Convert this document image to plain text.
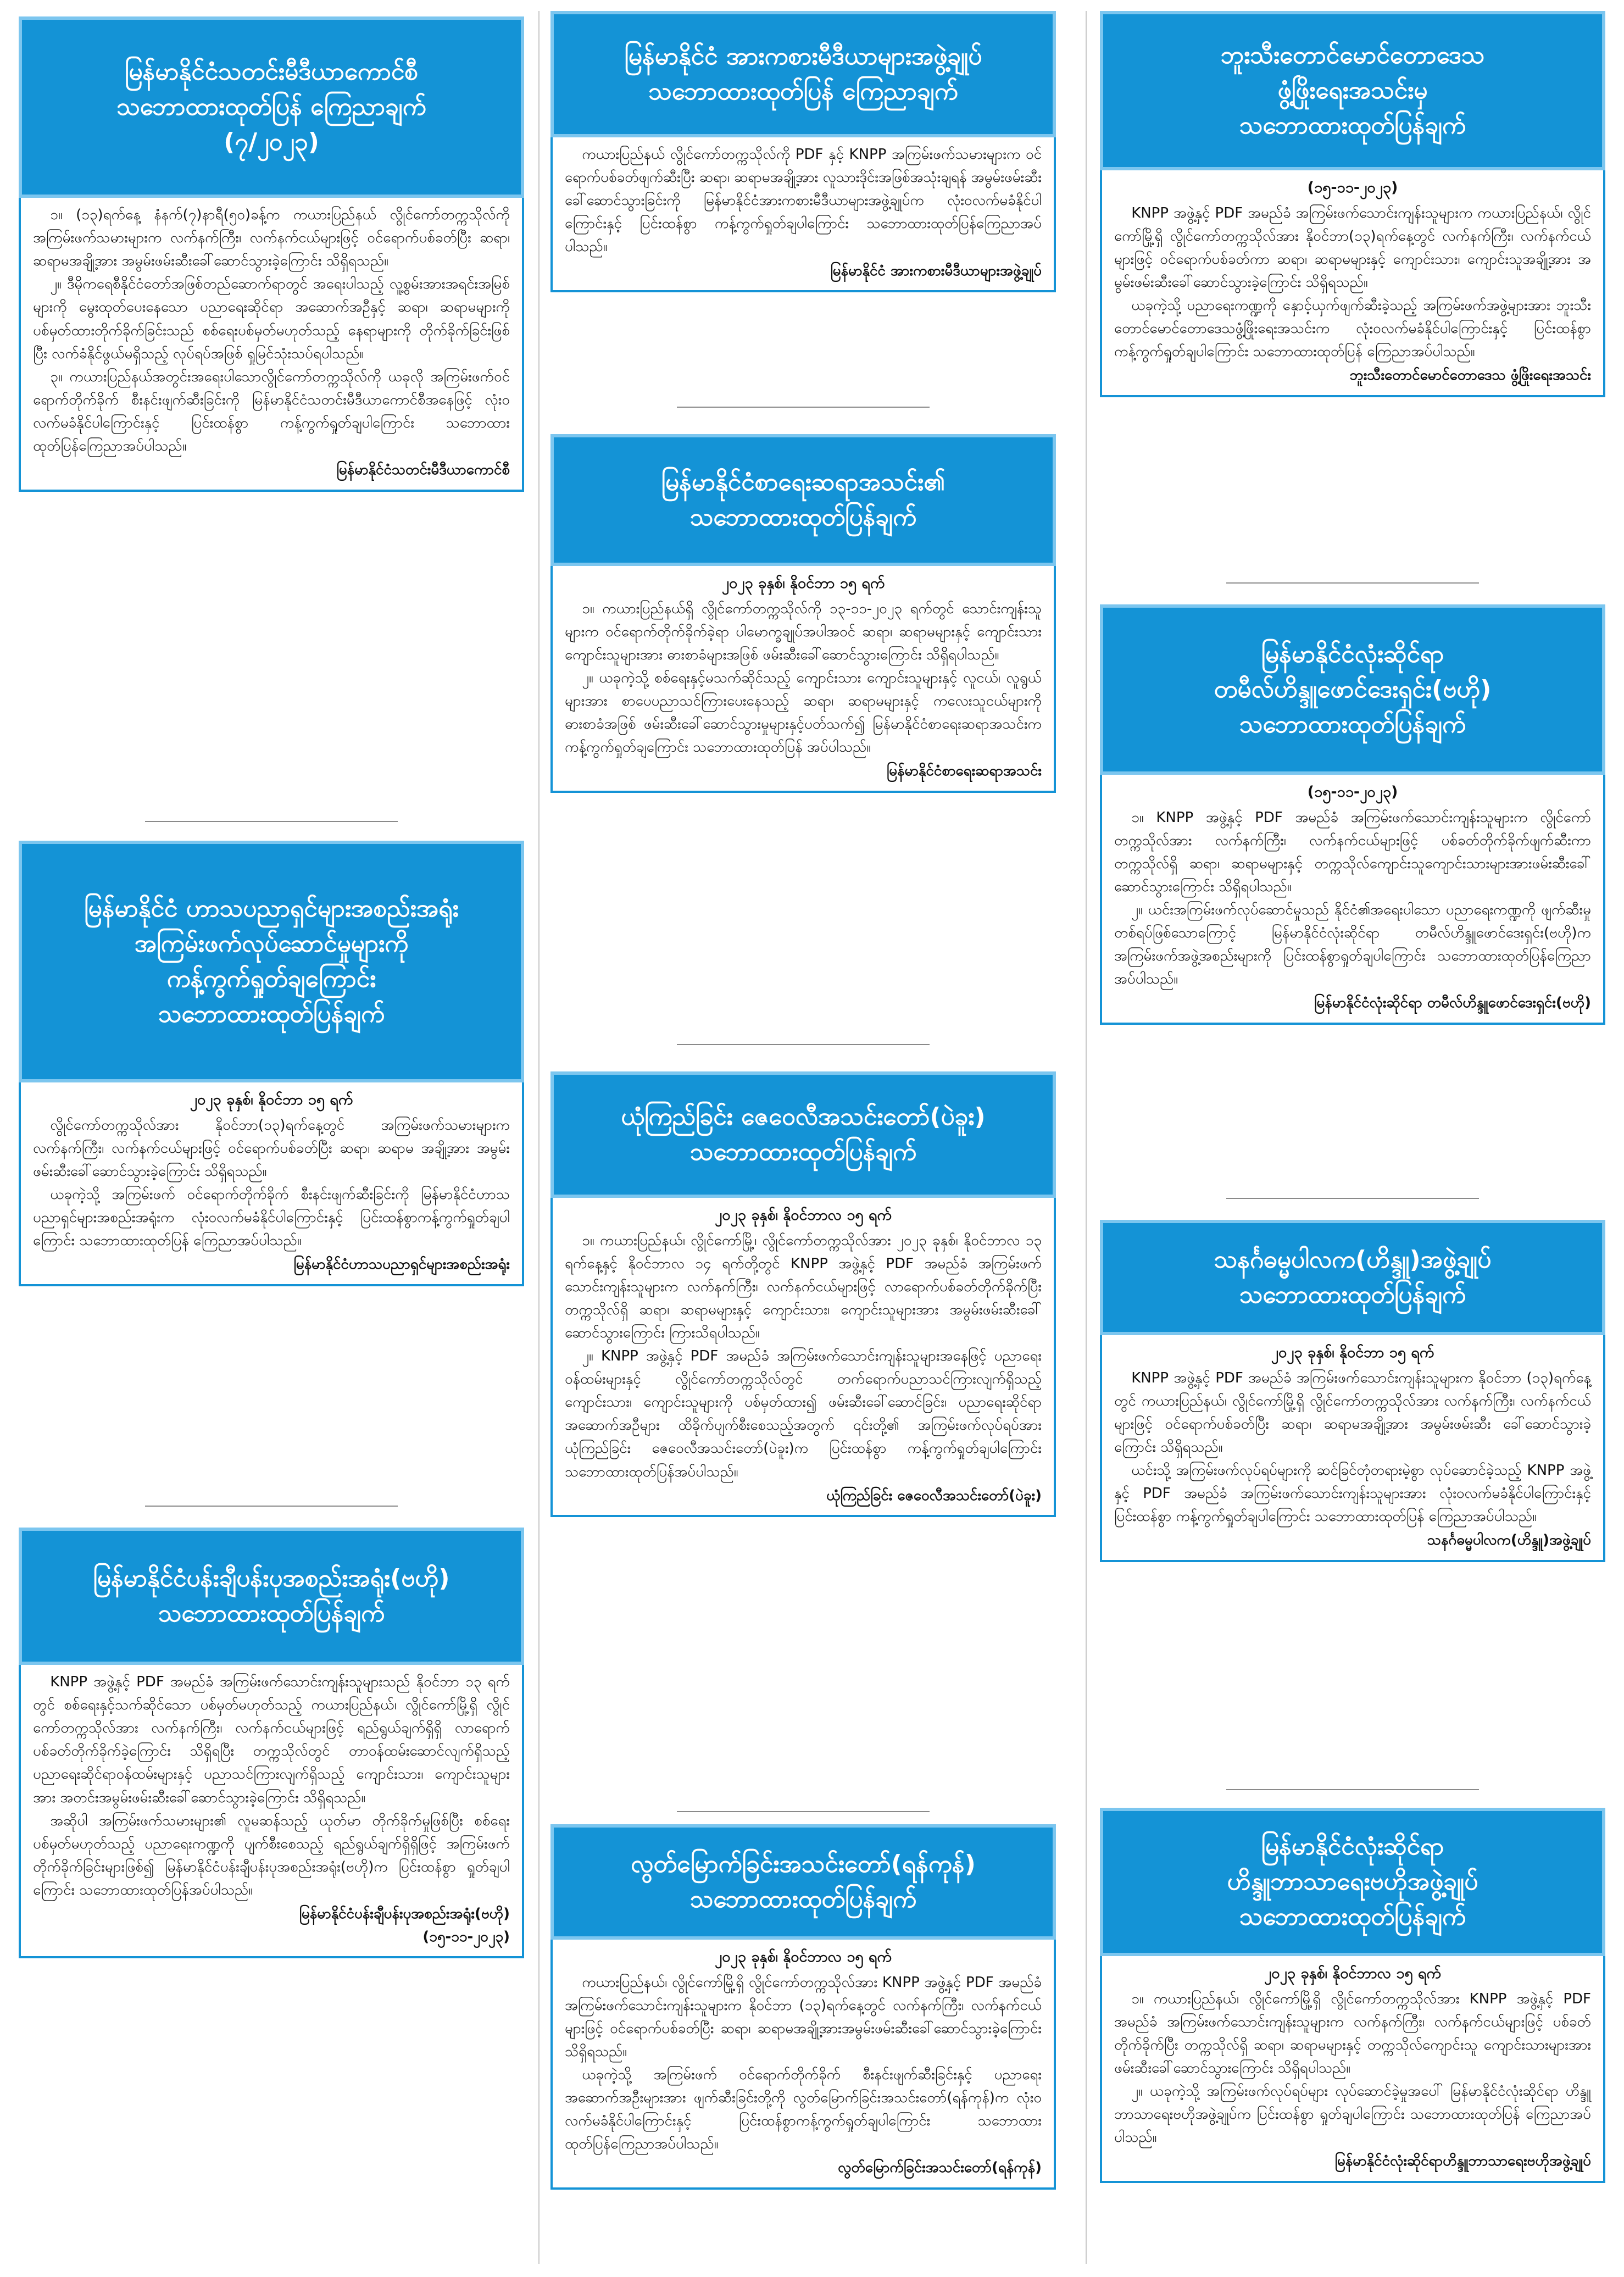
မြန်မာနိုင်ငံသတင်းမီဒီယာကောင်စီ
သဘောထားထုတ်ပြန် ကြေညာချက်
(၇/၂၀၂၃)

၁။ (၁၃)ရက်နေ့ နံနက်(၇)နာရီ(၅၀)ခန့်က ကယားပြည်နယ် လွိုင်ကော်တက္ကသိုလ်ကို အကြမ်းဖက်သမားများက လက်နက်ကြီး၊ လက်နက်ငယ်များဖြင့် ဝင်ရောက်ပစ်ခတ်ပြီး ဆရာ၊ ဆရာမအချို့အား အမွမ်းဖမ်းဆီးခေါ်ဆောင်သွားခဲ့ကြောင်း သိရှိရသည်။

၂။ ဒီမိုကရေစီနိုင်ငံတော်အဖြစ်တည်ဆောက်ရာတွင် အရေးပါသည့် လူ့စွမ်းအားအရင်းအမြစ်များကို မွေးထုတ်ပေးနေသော ပညာရေးဆိုင်ရာ အဆောက်အဦနှင့် ဆရာ၊ ဆရာမများကို ပစ်မှတ်ထားတိုက်ခိုက်ခြင်းသည် စစ်ရေးပစ်မှတ်မဟုတ်သည့် နေရာများကို တိုက်ခိုက်ခြင်းဖြစ်ပြီး လက်ခံနိုင်ဖွယ်မရှိသည့် လုပ်ရပ်အဖြစ် ရှုမြင်သုံးသပ်ရပါသည်။

၃။ ကယားပြည်နယ်အတွင်းအရေးပါသောလွိုင်ကော်တက္ကသိုလ်ကို ယခုလို အကြမ်းဖက်ဝင်ရောက်တိုက်ခိုက် စီးနင်းဖျက်ဆီးခြင်းကို မြန်မာနိုင်ငံသတင်းမီဒီယာကောင်စီအနေဖြင့် လုံးဝလက်မခံနိုင်ပါကြောင်းနှင့် ပြင်းထန်စွာ ကန့်ကွက်ရှုတ်ချပါကြောင်း သဘောထားထုတ်ပြန်ကြေညာအပ်ပါသည်။

မြန်မာနိုင်ငံသတင်းမီဒီယာကောင်စီ
မြန်မာနိုင်ငံ ဟာသပညာရှင်များအစည်းအရုံး
အကြမ်းဖက်လုပ်ဆောင်မှုများကို
ကန့်ကွက်ရှုတ်ချကြောင်း
သဘောထားထုတ်ပြန်ချက်
၂၀၂၃ ခုနှစ်၊ နိုဝင်ဘာ ၁၅ ရက်

လွိုင်ကော်တက္ကသိုလ်အား နိုဝင်ဘာ(၁၃)ရက်နေ့တွင် အကြမ်းဖက်သမားများက လက်နက်ကြီး၊ လက်နက်ငယ်များဖြင့် ဝင်ရောက်ပစ်ခတ်ပြီး ဆရာ၊ ဆရာမ အချို့အား အမွမ်းဖမ်းဆီးခေါ်ဆောင်သွားခဲ့ကြောင်း သိရှိရသည်။

ယခုကဲ့သို့ အကြမ်းဖက် ဝင်ရောက်တိုက်ခိုက် စီးနင်းဖျက်ဆီးခြင်းကို မြန်မာနိုင်ငံဟာသပညာရှင်များအစည်းအရုံးက လုံးဝလက်မခံနိုင်ပါကြောင်းနှင့် ပြင်းထန်စွာကန့်ကွက်ရှုတ်ချပါကြောင်း သဘောထားထုတ်ပြန် ကြေညာအပ်ပါသည်။

မြန်မာနိုင်ငံဟာသပညာရှင်များအစည်းအရုံး
မြန်မာနိုင်ငံပန်းချီပန်းပုအစည်းအရုံး(ဗဟို)
သဘောထားထုတ်ပြန်ချက်

KNPP အဖွဲ့နှင့် PDF အမည်ခံ အကြမ်းဖက်သောင်းကျန်းသူများသည် နိုဝင်ဘာ ၁၃ ရက်တွင် စစ်ရေးနှင့်သက်ဆိုင်သော ပစ်မှတ်မဟုတ်သည့် ကယားပြည်နယ်၊ လွိုင်ကော်မြို့ရှိ လွိုင်ကော်တက္ကသိုလ်အား လက်နက်ကြီး၊ လက်နက်ငယ်များဖြင့် ရည်ရွယ်ချက်ရှိရှိ လာရောက်ပစ်ခတ်တိုက်ခိုက်ခဲ့ကြောင်း သိရှိရပြီး တက္ကသိုလ်တွင် တာဝန်ထမ်းဆောင်လျက်ရှိသည့် ပညာရေးဆိုင်ရာဝန်ထမ်းများနှင့် ပညာသင်ကြားလျက်ရှိသည့် ကျောင်းသား၊ ကျောင်းသူများအား အတင်းအမွမ်းဖမ်းဆီးခေါ်ဆောင်သွားခဲ့ကြောင်း သိရှိရသည်။

အဆိုပါ အကြမ်းဖက်သမားများ၏ လူမဆန်သည့် ယုတ်မာ တိုက်ခိုက်မှုဖြစ်ပြီး စစ်ရေးပစ်မှတ်မဟုတ်သည့် ပညာရေးကဏ္ဍကို ပျက်စီးစေသည့် ရည်ရွယ်ချက်ရှိရှိဖြင့် အကြမ်းဖက်တိုက်ခိုက်ခြင်းများဖြစ်၍ မြန်မာနိုင်ငံပန်းချီပန်းပုအစည်းအရုံး(ဗဟို)က ပြင်းထန်စွာ ရှုတ်ချပါကြောင်း သဘောထားထုတ်ပြန်အပ်ပါသည်။

မြန်မာနိုင်ငံပန်းချီပန်းပုအစည်းအရုံး(ဗဟို)
(၁၅-၁၁-၂၀၂၃)
မြန်မာနိုင်ငံ အားကစားမီဒီယာများအဖွဲ့ချုပ်
သဘောထားထုတ်ပြန် ကြေညာချက်

ကယားပြည်နယ် လွိုင်ကော်တက္ကသိုလ်ကို PDF နှင့် KNPP အကြမ်းဖက်သမားများက ဝင်ရောက်ပစ်ခတ်ဖျက်ဆီးပြီး ဆရာ၊ ဆရာမအချို့အား လူသားဒိုင်းအဖြစ်အသုံးချရန် အမွမ်းဖမ်းဆီးခေါ်ဆောင်သွားခြင်းကို မြန်မာနိုင်ငံအားကစားမီဒီယာများအဖွဲ့ချုပ်က လုံးဝလက်မခံနိုင်ပါကြောင်းနှင့် ပြင်းထန်စွာ ကန့်ကွက်ရှုတ်ချပါကြောင်း သဘောထားထုတ်ပြန်ကြေညာအပ်ပါသည်။

မြန်မာနိုင်ငံ အားကစားမီဒီယာများအဖွဲ့ချုပ်
မြန်မာနိုင်ငံစာရေးဆရာအသင်း၏
သဘောထားထုတ်ပြန်ချက်
၂၀၂၃ ခုနှစ်၊ နိုဝင်ဘာ ၁၅ ရက်

၁။ ကယားပြည်နယ်ရှိ လွိုင်ကော်တက္ကသိုလ်ကို ၁၃-၁၁-၂၀၂၃ ရက်တွင် သောင်းကျန်းသူများက ဝင်ရောက်တိုက်ခိုက်ခဲ့ရာ ပါမောက္ခချုပ်အပါအဝင် ဆရာ၊ ဆရာမများနှင့် ကျောင်းသား ကျောင်းသူများအား ဓားစာခံများအဖြစ် ဖမ်းဆီးခေါ်ဆောင်သွားကြောင်း သိရှိရပါသည်။

၂။ ယခုကဲ့သို့ စစ်ရေးနှင့်မသက်ဆိုင်သည့် ကျောင်းသား ကျောင်းသူများနှင့် လူငယ်၊ လူရွယ်များအား စာပေပညာသင်ကြားပေးနေသည့် ဆရာ၊ ဆရာမများနှင့် ကလေးသူငယ်များကို ဓားစာခံအဖြစ် ဖမ်းဆီးခေါ်ဆောင်သွားမှုများနှင့်ပတ်သက်၍ မြန်မာနိုင်ငံစာရေးဆရာအသင်းက ကန့်ကွက်ရှုတ်ချကြောင်း သဘောထားထုတ်ပြန် အပ်ပါသည်။

မြန်မာနိုင်ငံစာရေးဆရာအသင်း
ယုံကြည်ခြင်း ဇေဝေလီအသင်းတော်(ပဲခူး)
သဘောထားထုတ်ပြန်ချက်
၂၀၂၃ ခုနှစ်၊ နိုဝင်ဘာလ ၁၅ ရက်

၁။ ကယားပြည်နယ်၊ လွိုင်ကော်မြို့၊ လွိုင်ကော်တက္ကသိုလ်အား ၂၀၂၃ ခုနှစ်၊ နိုဝင်ဘာလ ၁၃ ရက်နေ့နှင့် နိုဝင်ဘာလ ၁၄ ရက်တို့တွင် KNPP အဖွဲ့နှင့် PDF အမည်ခံ အကြမ်းဖက်သောင်းကျန်းသူများက လက်နက်ကြီး၊ လက်နက်ငယ်များဖြင့် လာရောက်ပစ်ခတ်တိုက်ခိုက်ပြီး တက္ကသိုလ်ရှိ ဆရာ၊ ဆရာမများနှင့် ကျောင်းသား၊ ကျောင်းသူများအား အမွမ်းဖမ်းဆီးခေါ်ဆောင်သွားကြောင်း ကြားသိရပါသည်။

၂။ KNPP အဖွဲ့နှင့် PDF အမည်ခံ အကြမ်းဖက်သောင်းကျန်းသူများအနေဖြင့် ပညာရေးဝန်ထမ်းများနှင့် လွိုင်ကော်တက္ကသိုလ်တွင် တက်ရောက်ပညာသင်ကြားလျက်ရှိသည့် ကျောင်းသား၊ ကျောင်းသူများကို ပစ်မှတ်ထား၍ ဖမ်းဆီးခေါ်ဆောင်ခြင်း၊ ပညာရေးဆိုင်ရာ အဆောက်အဦများ ထိခိုက်ပျက်စီးစေသည့်အတွက် ၎င်းတို့၏ အကြမ်းဖက်လုပ်ရပ်အား ယုံကြည်ခြင်း ဇေဝေလီအသင်းတော်(ပဲခူး)က ပြင်းထန်စွာ ကန့်ကွက်ရှုတ်ချပါကြောင်း သဘောထားထုတ်ပြန်အပ်ပါသည်။

ယုံကြည်ခြင်း ဇေဝေလီအသင်းတော်(ပဲခူး)
လွတ်မြောက်ခြင်းအသင်းတော်(ရန်ကုန်)
သဘောထားထုတ်ပြန်ချက်
၂၀၂၃ ခုနှစ်၊ နိုဝင်ဘာလ ၁၅ ရက်

ကယားပြည်နယ်၊ လွိုင်ကော်မြို့ရှိ လွိုင်ကော်တက္ကသိုလ်အား KNPP အဖွဲ့နှင့် PDF အမည်ခံ အကြမ်းဖက်သောင်းကျန်းသူများက နိုဝင်ဘာ (၁၃)ရက်နေ့တွင် လက်နက်ကြီး၊ လက်နက်ငယ်များဖြင့် ဝင်ရောက်ပစ်ခတ်ပြီး ဆရာ၊ ဆရာမအချို့အားအမွမ်းဖမ်းဆီးခေါ်ဆောင်သွားခဲ့ကြောင်း သိရှိရသည်။

ယခုကဲ့သို့ အကြမ်းဖက် ဝင်ရောက်တိုက်ခိုက် စီးနင်းဖျက်ဆီးခြင်းနှင့် ပညာရေးအဆောက်အဦးများအား ဖျက်ဆီးခြင်းတို့ကို လွတ်မြောက်ခြင်းအသင်းတော်(ရန်ကုန်)က လုံးဝလက်မခံနိုင်ပါကြောင်းနှင့် ပြင်းထန်စွာကန့်ကွက်ရှုတ်ချပါကြောင်း သဘောထားထုတ်ပြန်ကြေညာအပ်ပါသည်။

လွတ်မြောက်ခြင်းအသင်းတော်(ရန်ကုန်)
ဘူးသီးတောင်မောင်တောဒေသ
ဖွံ့ဖြိုးရေးအသင်းမှ
သဘောထားထုတ်ပြန်ချက်
(၁၅-၁၁-၂၀၂၃)

KNPP အဖွဲ့နှင့် PDF အမည်ခံ အကြမ်းဖက်သောင်းကျန်းသူများက ကယားပြည်နယ်၊ လွိုင်ကော်မြို့ရှိ လွိုင်ကော်တက္ကသိုလ်အား နိုဝင်ဘာ(၁၃)ရက်နေ့တွင် လက်နက်ကြီး၊ လက်နက်ငယ်များဖြင့် ဝင်ရောက်ပစ်ခတ်ကာ ဆရာ၊ ဆရာမများနှင့် ကျောင်းသား၊ ကျောင်းသူအချို့အား အမွမ်းဖမ်းဆီးခေါ်ဆောင်သွားခဲ့ကြောင်း သိရှိရသည်။

ယခုကဲ့သို့ ပညာရေးကဏ္ဍကို နှောင့်ယှက်ဖျက်ဆီးခဲ့သည့် အကြမ်းဖက်အဖွဲ့များအား ဘူးသီးတောင်မောင်တောဒေသဖွံ့ဖြိုးရေးအသင်းက လုံးဝလက်မခံနိုင်ပါကြောင်းနှင့် ပြင်းထန်စွာ ကန့်ကွက်ရှုတ်ချပါကြောင်း သဘောထားထုတ်ပြန် ကြေညာအပ်ပါသည်။

ဘူးသီးတောင်မောင်တောဒေသ ဖွံ့ဖြိုးရေးအသင်း
မြန်မာနိုင်ငံလုံးဆိုင်ရာ
တမီလ်ဟိန္ဒူဖောင်ဒေးရှင်း(ဗဟို)
သဘောထားထုတ်ပြန်ချက်
(၁၅-၁၁-၂၀၂၃)

၁။ KNPP အဖွဲ့နှင့် PDF အမည်ခံ အကြမ်းဖက်သောင်းကျန်းသူများက လွိုင်ကော်တက္ကသိုလ်အား လက်နက်ကြီး၊ လက်နက်ငယ်များဖြင့် ပစ်ခတ်တိုက်ခိုက်ဖျက်ဆီးကာ တက္ကသိုလ်ရှိ ဆရာ၊ ဆရာမများနှင့် တက္ကသိုလ်ကျောင်းသူကျောင်းသားများအားဖမ်းဆီးခေါ်ဆောင်သွားကြောင်း သိရှိရပါသည်။

၂။ ယင်းအကြမ်းဖက်လုပ်ဆောင်မှုသည် နိုင်ငံ၏အရေးပါသော ပညာရေးကဏ္ဍကို ဖျက်ဆီးမှုတစ်ရပ်ဖြစ်သောကြောင့် မြန်မာနိုင်ငံလုံးဆိုင်ရာ တမီလ်ဟိန္ဒူဖောင်ဒေးရှင်း(ဗဟို)က အကြမ်းဖက်အဖွဲ့အစည်းများကို ပြင်းထန်စွာရှုတ်ချပါကြောင်း သဘောထားထုတ်ပြန်ကြေညာအပ်ပါသည်။

မြန်မာနိုင်ငံလုံးဆိုင်ရာ တမီလ်ဟိန္ဒူဖောင်ဒေးရှင်း(ဗဟို)
သနင်္ဂဓမ္မပါလက(ဟိန္ဒူ)အဖွဲ့ချုပ်
သဘောထားထုတ်ပြန်ချက်
၂၀၂၃ ခုနှစ်၊ နိုဝင်ဘာ ၁၅ ရက်

KNPP အဖွဲ့နှင့် PDF အမည်ခံ အကြမ်းဖက်သောင်းကျန်းသူများက နိုဝင်ဘာ (၁၃)ရက်နေ့တွင် ကယားပြည်နယ်၊ လွိုင်ကော်မြို့ရှိ လွိုင်ကော်တက္ကသိုလ်အား လက်နက်ကြီး၊ လက်နက်ငယ်များဖြင့် ဝင်ရောက်ပစ်ခတ်ပြီး ဆရာ၊ ဆရာမအချို့အား အမွမ်းဖမ်းဆီး ခေါ်ဆောင်သွားခဲ့ကြောင်း သိရှိရသည်။

ယင်းသို့ အကြမ်းဖက်လုပ်ရပ်များကို ဆင်ခြင်တုံတရားမဲ့စွာ လုပ်ဆောင်ခဲ့သည့် KNPP အဖွဲ့နှင့် PDF အမည်ခံ အကြမ်းဖက်သောင်းကျန်းသူများအား လုံးဝလက်မခံနိုင်ပါကြောင်းနှင့် ပြင်းထန်စွာ ကန့်ကွက်ရှုတ်ချပါကြောင်း သဘောထားထုတ်ပြန် ကြေညာအပ်ပါသည်။

သနင်္ဂဓမ္မပါလက(ဟိန္ဒူ)အဖွဲ့ချုပ်
မြန်မာနိုင်ငံလုံးဆိုင်ရာ
ဟိန္ဒူဘာသာရေးဗဟိုအဖွဲ့ချုပ်
သဘောထားထုတ်ပြန်ချက်
၂၀၂၃ ခုနှစ်၊ နိုဝင်ဘာလ ၁၅ ရက်

၁။ ကယားပြည်နယ်၊ လွိုင်ကော်မြို့ရှိ လွိုင်ကော်တက္ကသိုလ်အား KNPP အဖွဲ့နှင့် PDF အမည်ခံ အကြမ်းဖက်သောင်းကျန်းသူများက လက်နက်ကြီး၊ လက်နက်ငယ်များဖြင့် ပစ်ခတ်တိုက်ခိုက်ပြီး တက္ကသိုလ်ရှိ ဆရာ၊ ဆရာမများနှင့် တက္ကသိုလ်ကျောင်းသူ ကျောင်းသားများအား ဖမ်းဆီးခေါ်ဆောင်သွားကြောင်း သိရှိရပါသည်။

၂။ ယခုကဲ့သို့ အကြမ်းဖက်လုပ်ရပ်များ လုပ်ဆောင်ခဲ့မှုအပေါ် မြန်မာနိုင်ငံလုံးဆိုင်ရာ ဟိန္ဒူဘာသာရေးဗဟိုအဖွဲ့ချုပ်က ပြင်းထန်စွာ ရှုတ်ချပါကြောင်း သဘောထားထုတ်ပြန် ကြေညာအပ်ပါသည်။

မြန်မာနိုင်ငံလုံးဆိုင်ရာဟိန္ဒူဘာသာရေးဗဟိုအဖွဲ့ချုပ်
